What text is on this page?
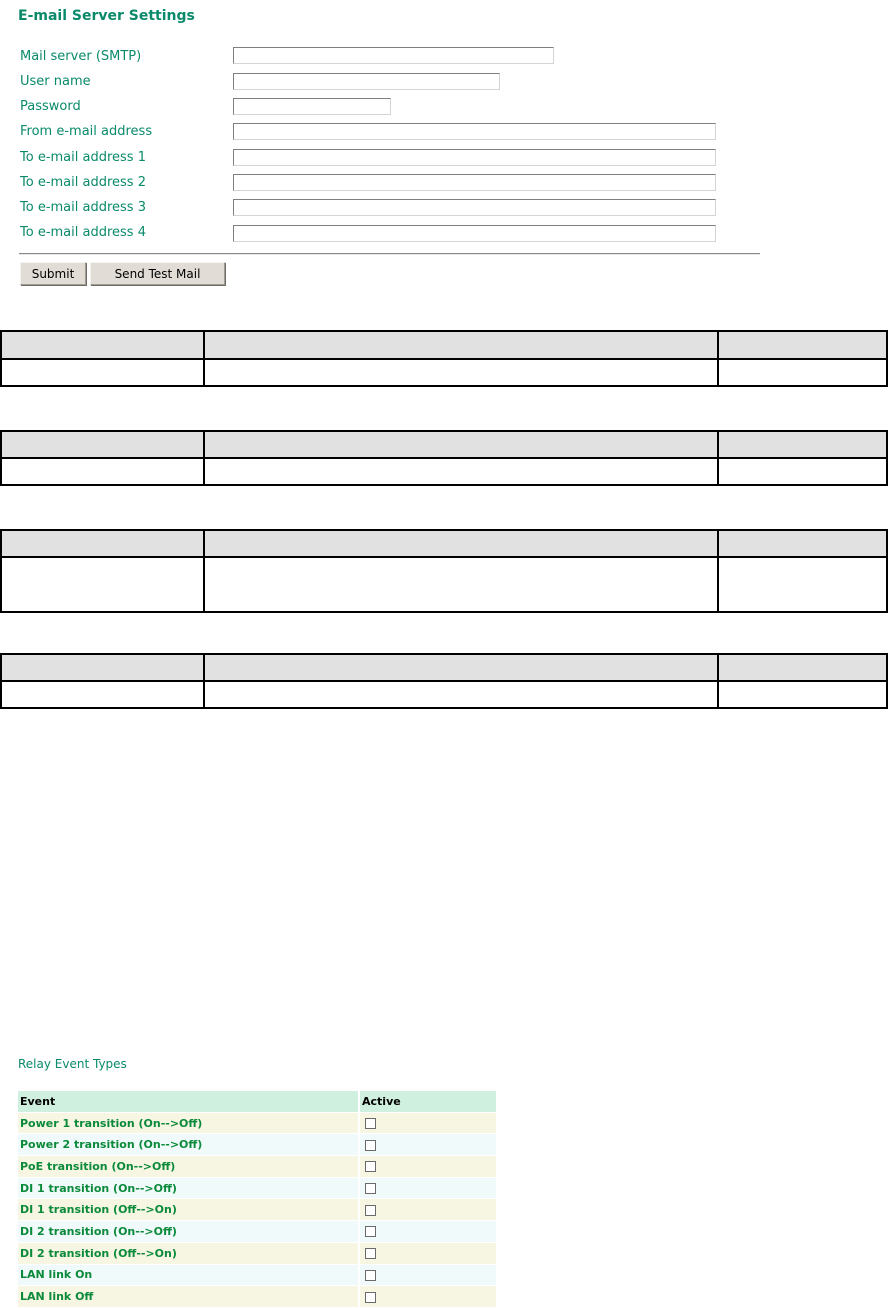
E-mail Server Settings
Mail server (SMTP)
User name
Password
From e-mail address
To e-mail address 1
To e-mail address 2
To e-mail address 3
To e-mail address 4
Submit	Send Test Mail

Relay Event Types
Event	Active
Power 1 transition (On-->Off)	
Power 2 transition (On-->Off)	
PoE transition (On-->Off)	
DI 1 transition (On-->Off)	
DI 1 transition (Off-->On)	
DI 2 transition (On-->Off)	
DI 2 transition (Off-->On)	
LAN link On	
LAN link Off	
